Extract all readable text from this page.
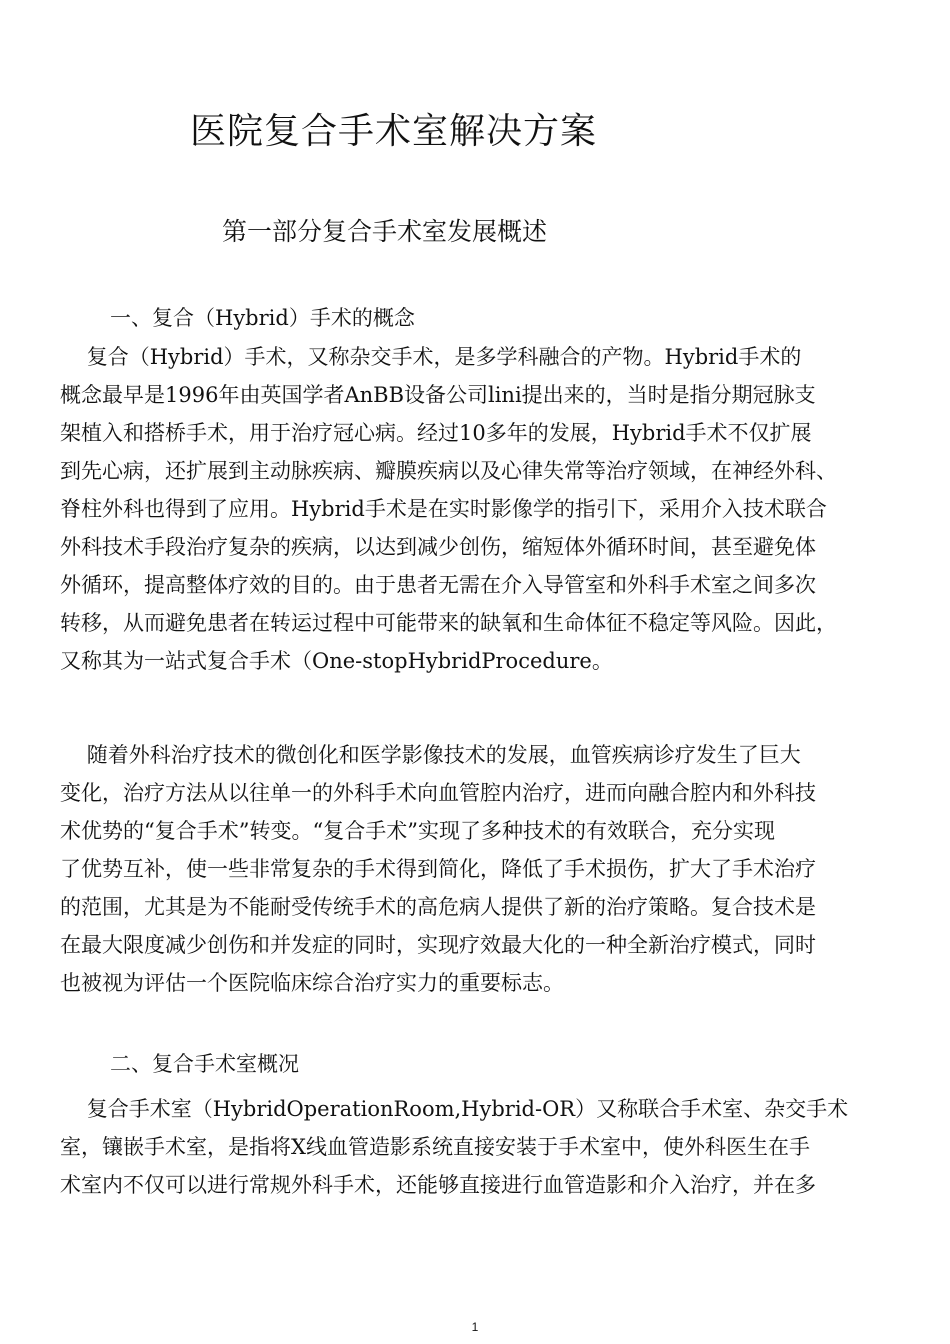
医院复合手术室解决方案
第一部分复合手术室发展概述
一、复合（Hybrid）手术的概念
复合（Hybrid）手术，又称杂交手术，是多学科融合的产物。Hybrid手术的
概念最早是1996年由英国学者AnBB设备公司lini提出来的，当时是指分期冠脉支
架植入和搭桥手术，用于治疗冠心病。经过10多年的发展，Hybrid手术不仅扩展
到先心病，还扩展到主动脉疾病、瓣膜疾病以及心律失常等治疗领域，在神经外科、
脊柱外科也得到了应用。Hybrid手术是在实时影像学的指引下，采用介入技术联合
外科技术手段治疗复杂的疾病，以达到减少创伤，缩短体外循环时间，甚至避免体
外循环，提高整体疗效的目的。由于患者无需在介入导管室和外科手术室之间多次
转移，从而避免患者在转运过程中可能带来的缺氧和生命体征不稳定等风险。因此，
又称其为一站式复合手术（One-stopHybridProcedure。
随着外科治疗技术的微创化和医学影像技术的发展，血管疾病诊疗发生了巨大
变化，治疗方法从以往单一的外科手术向血管腔内治疗，进而向融合腔内和外科技
术优势的“复合手术”转变。“复合手术”实现了多种技术的有效联合，充分实现
了优势互补，使一些非常复杂的手术得到简化，降低了手术损伤，扩大了手术治疗
的范围，尤其是为不能耐受传统手术的高危病人提供了新的治疗策略。复合技术是
在最大限度减少创伤和并发症的同时，实现疗效最大化的一种全新治疗模式，同时
也被视为评估一个医院临床综合治疗实力的重要标志。
二、复合手术室概况
复合手术室（HybridOperationRoom,Hybrid-OR）又称联合手术室、杂交手术
室，镶嵌手术室，是指将X线血管造影系统直接安装于手术室中，使外科医生在手
术室内不仅可以进行常规外科手术，还能够直接进行血管造影和介入治疗，并在多
1
